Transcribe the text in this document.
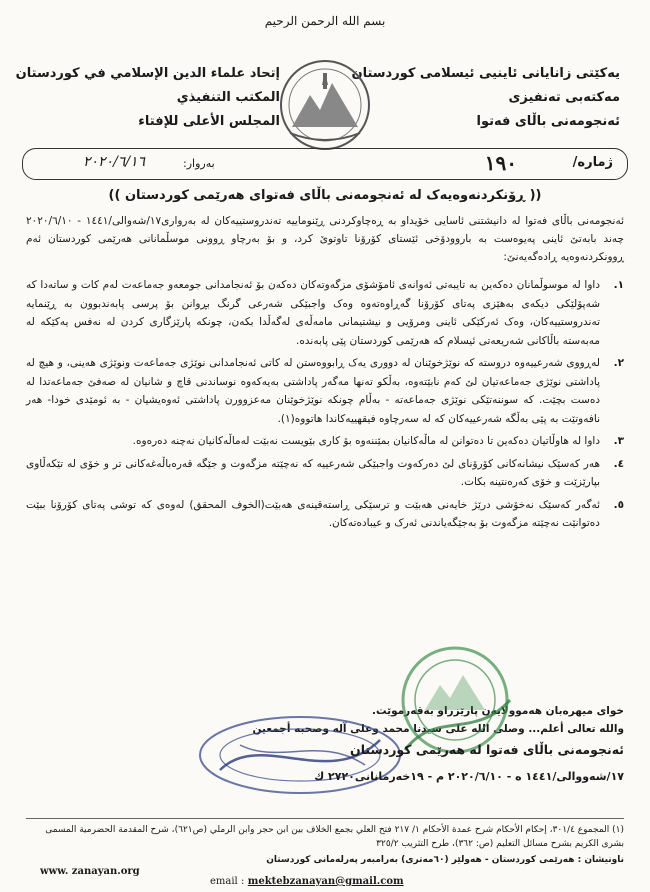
بسم الله الرحمن الرحيم
یەکێتی زانایانی ئاینیی ئیسلامی کوردستان
مەکتەبی تەنفیزی
ئەنجومەنی باڵای فەتوا
إتحاد علماء الدين الإسلامي في كوردستان
المكتب التنفيذي
المجلس الأعلى للإفتاء
ژمارە/
١٩٠
بەروار:
٢٠٢٠/٦/١٦
(( ڕۆنکردنەوەیەک لە ئەنجومەنی باڵای فەتوای هەرێمی کوردستان ))
ئەنجومەنی باڵای فەتوا لە دانیشتنی ئاسایی خۆیداو بە ڕەچاوکردنی ڕێنوماییە تەندروستییەکان لە بەرواری١٧/شەوالی/١٤٤١ - ٢٠٢٠/٦/١٠ چەند بابەتێ ئاینی پەیوەست بە باروودۆخی ئێستای کۆرۆنا تاوتوێ کرد، و بۆ بەرچاو ڕوونی موسڵمانانی هەرێمی کوردستان ئەم ڕوونکردنەوەیە ڕادەگەیەنێ:
١.
داوا لە موسوڵمانان دەکەین بە تایبەتی ئەوانەی ئامۆشۆی مزگەوتەکان دەکەن بۆ ئەنجامدانی جومعەو جەماعەت لەم کات و ساتەدا کە شەپۆلێکی دیکەی بەهێزی پەتای کۆرۆنا گەڕاوەتەوە وەک واجبێکی شەرعی گرنگ بڕوانن بۆ پرسی پابەندبوون بە ڕێنمایە تەندروستییەکان، وەک ئەرکێکی ئاینی ومرۆیی و نیشتیمانی مامەڵەی لەگەڵدا بکەن، چونکە پارێزگاری کردن لە نەفس یەکێکە لە مەبەستە باڵاکانی شەریعەتی ئیسلام کە هەرێمی کوردستان پێی پابەندە.
٢.
لەڕووی شەرعییەوە دروستە کە نوێژخوێنان لە دووری یەک ڕابووەستن لە کاتی ئەنجامدانی نوێژی جەماعەت ونوێژی هەینی، و هیچ لە پاداشتی نوێژی جەماعەتیان لێ کەم نابێتەوە، بەڵکو تەنها مەگەر پاداشتی بەیەکەوە نوساندنی قاچ و شانیان لە صەفێ جەماعەتدا لە دەست بچێت. کە سوننەتێکی نوێژی جەماعەتە - بەڵام چونکە نوێژخوێنان مەعزوورن پاداشتی ئەوەیشیان - بە ئومێدی خودا- هەر نافەوتێت بە پێی بەڵگە شەرعییەکان کە لە سەرچاوە فیقهییەکاندا هاتووە(١).
٣.
داوا لە هاوڵاتیان دەکەین تا دەتوانن لە ماڵەکانیان بمێننەوە بۆ کاری بێویست نەبێت لەماڵەکانیان نەچنە دەرەوە.
٤.
هەر کەسێک نیشانەکانی کۆرۆنای لێ دەرکەوت واجبێکی شەرعییە کە نەچێتە مزگەوت و جێگە قەرەباڵەغەکانی تر و خۆی لە تێکەڵاوی بپارێزێت و خۆی کەرەنتینە بکات.
٥.
ئەگەر کەسێک نەخۆشی درێژ خایەنی هەبێت و ترسێکی ڕاستەقینەی هەبێت(الخوف المحقق) لەوەی کە توشی پەتای کۆرۆنا ببێت دەتوانێت نەچێتە مزگەوت بۆ بەجێگەیاندنی ئەرک و عیبادەتەکان.
خوای میهرەبان هەموولایەن پارێزراو بەقەرموێت.
والله تعالى أعلم... وصلى الله على سيدنا محمد وعلى آله وصحبه أجمعين
ئەنجومەنی باڵای فەتوا لە هەرێمی کوردستان
١٧/شەووالی/١٤٤١ ه - ٢٠٢٠/٦/١٠ م - ١٩خەرمانانی٢٧٢٠ ك
(١) المجموع ٣٠١/٤، إحكام الأحكام شرح عمدة الأحكام ١/ ٢١٧ فتح العلي بجمع الخلاف بين ابن حجر وابن الرملي (ص٦٢١)، شرح المقدمة الحضرمية المسمى بشرى الكريم بشرح مسائل التعليم (ص: ٣٦٢)، طرح التثريب ٣٢٥/٢
ناونیشان : هەرێمی کوردستان - هەولێر (٦٠مەتری) بەرامبەر پەرلەمانی کوردستان
www. zanayan.org
email : mektebzanayan@gmail.com
